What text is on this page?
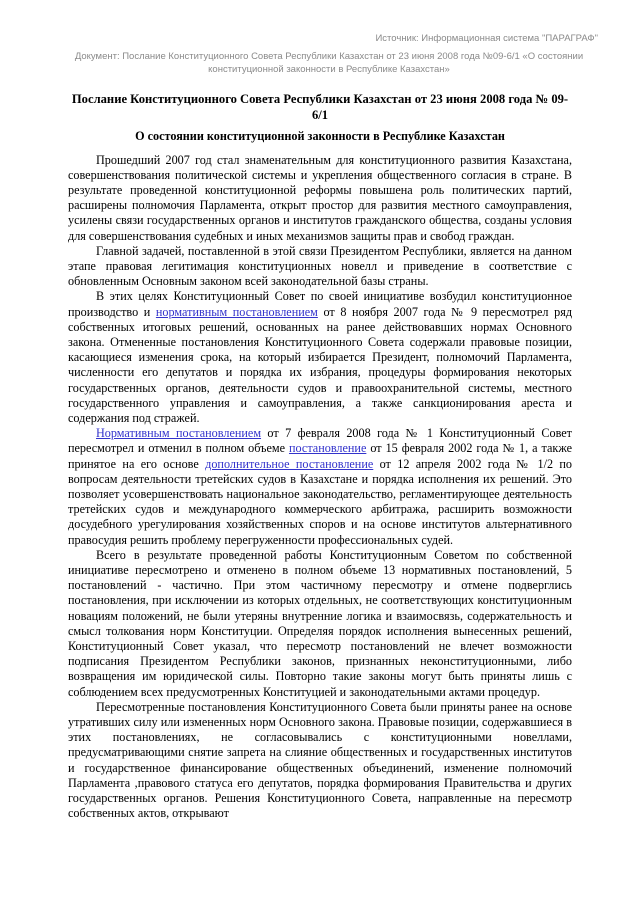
Источник: Информационная система "ПАРАГРАФ"
Документ: Послание Конституционного Совета Республики Казахстан от 23 июня 2008 года №09-6/1 «О состоянии конституционной законности в Республике Казахстан»
Послание Конституционного Совета Республики Казахстан от 23 июня 2008 года № 09-6/1
О состоянии конституционной законности в Республике Казахстан

Прошедший 2007 год стал знаменательным для конституционного развития Казахстана, совершенствования политической системы и укрепления общественного согласия в стране. В результате проведенной конституционной реформы повышена роль политических партий, расширены полномочия Парламента, открыт простор для развития местного самоуправления, усилены связи государственных органов и институтов гражданского общества, созданы условия для совершенствования судебных и иных механизмов защиты прав и свобод граждан.

Главной задачей, поставленной в этой связи Президентом Республики, является на данном этапе правовая легитимация конституционных новелл и приведение в соответствие с обновленным Основным законом всей законодательной базы страны.

В этих целях Конституционный Совет по своей инициативе возбудил конституционное производство и нормативным постановлением от 8 ноября 2007 года № 9 пересмотрел ряд собственных итоговых решений, основанных на ранее действовавших нормах Основного закона. Отмененные постановления Конституционного Совета содержали правовые позиции, касающиеся изменения срока, на который избирается Президент, полномочий Парламента, численности его депутатов и порядка их избрания, процедуры формирования некоторых государственных органов, деятельности судов и правоохранительной системы, местного государственного управления и самоуправления, а также санкционирования ареста и содержания под стражей.

Нормативным постановлением от 7 февраля 2008 года № 1 Конституционный Совет пересмотрел и отменил в полном объеме постановление от 15 февраля 2002 года № 1, а также принятое на его основе дополнительное постановление от 12 апреля 2002 года № 1/2 по вопросам деятельности третейских судов в Казахстане и порядка исполнения их решений. Это позволяет усовершенствовать национальное законодательство, регламентирующее деятельность третейских судов и международного коммерческого арбитража, расширить возможности досудебного урегулирования хозяйственных споров и на основе институтов альтернативного правосудия решить проблему перегруженности профессиональных судей.

Всего в результате проведенной работы Конституционным Советом по собственной инициативе пересмотрено и отменено в полном объеме 13 нормативных постановлений, 5 постановлений - частично. При этом частичному пересмотру и отмене подверглись постановления, при исключении из которых отдельных, не соответствующих конституционным новациям положений, не были утеряны внутренние логика и взаимосвязь, содержательность и смысл толкования норм Конституции. Определяя порядок исполнения вынесенных решений, Конституционный Совет указал, что пересмотр постановлений не влечет возможности подписания Президентом Республики законов, признанных неконституционными, либо возвращения им юридической силы. Повторно такие законы могут быть приняты лишь с соблюдением всех предусмотренных Конституцией и законодательными актами процедур.

Пересмотренные постановления Конституционного Совета были приняты ранее на основе утративших силу или измененных норм Основного закона. Правовые позиции, содержавшиеся в этих постановлениях, не согласовывались с конституционными новеллами, предусматривающими снятие запрета на слияние общественных и государственных институтов и государственное финансирование общественных объединений, изменение полномочий Парламента ,правового статуса его депутатов, порядка формирования Правительства и других государственных органов. Решения Конституционного Совета, направленные на пересмотр собственных актов, открывают
